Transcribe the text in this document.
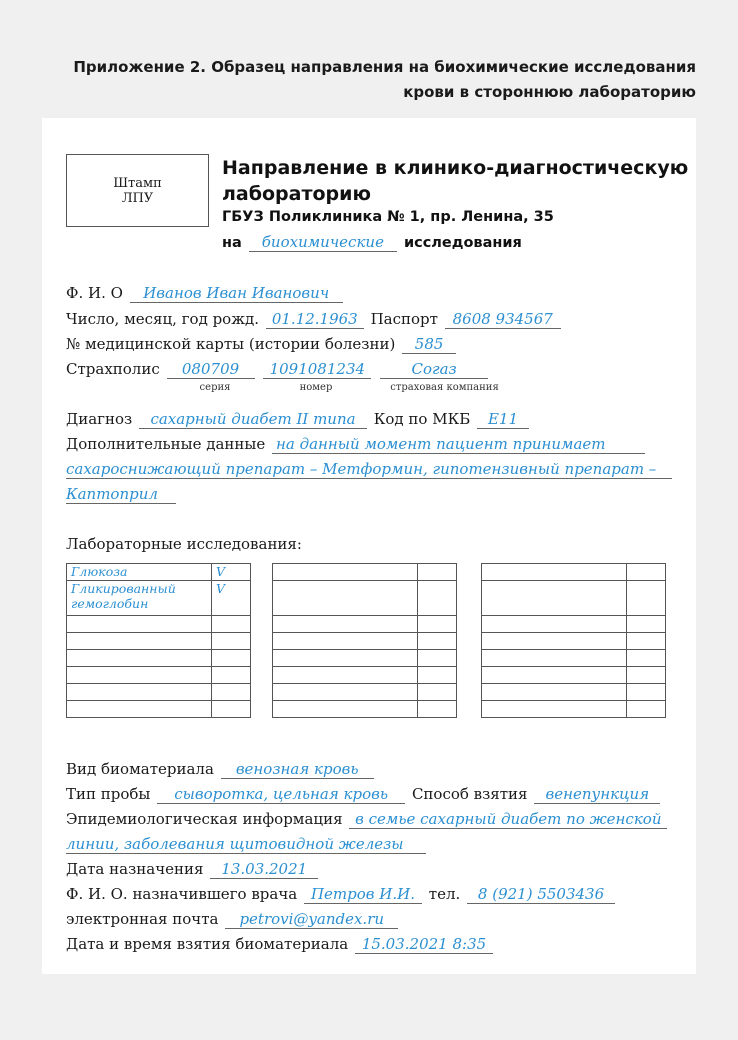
Приложение 2. Образец направления на биохимические исследования
крови в стороннюю лабораторию
Штамп
ЛПУ
Направление в клинико-диагностическую лабораторию
ГБУЗ Поликлиника № 1, пр. Ленина, 35
на биохимические исследования
Ф. И. О Иванов Иван Иванович
Число, месяц, год рожд. 01.12.1963 Паспорт 8608 934567
№ медицинской карты (истории болезни) 585
Страхполис 080709 1091081234	Согаз
серия	номер	страховая компания
Диагноз сахарный диабет II типа Код по МКБ E11
Дополнительные данные на данный момент пациент принимает
сахароснижающий препарат – Метформин, гипотензивный препарат –
Каптоприл
Лабораторные исследования:
Глюкоза	V
Гликированный гемоглобин	V

Вид биоматериала венозная кровь
Тип пробы сыворотка, цельная кровь Способ взятия венепункция
Эпидемиологическая информация в семье сахарный диабет по женской
линии, заболевания щитовидной железы
Дата назначения 13.03.2021
Ф. И. О. назначившего врача Петров И.И. тел. 8 (921) 5503436
электронная почта petrovi@yandex.ru
Дата и время взятия биоматериала 15.03.2021 8:35
